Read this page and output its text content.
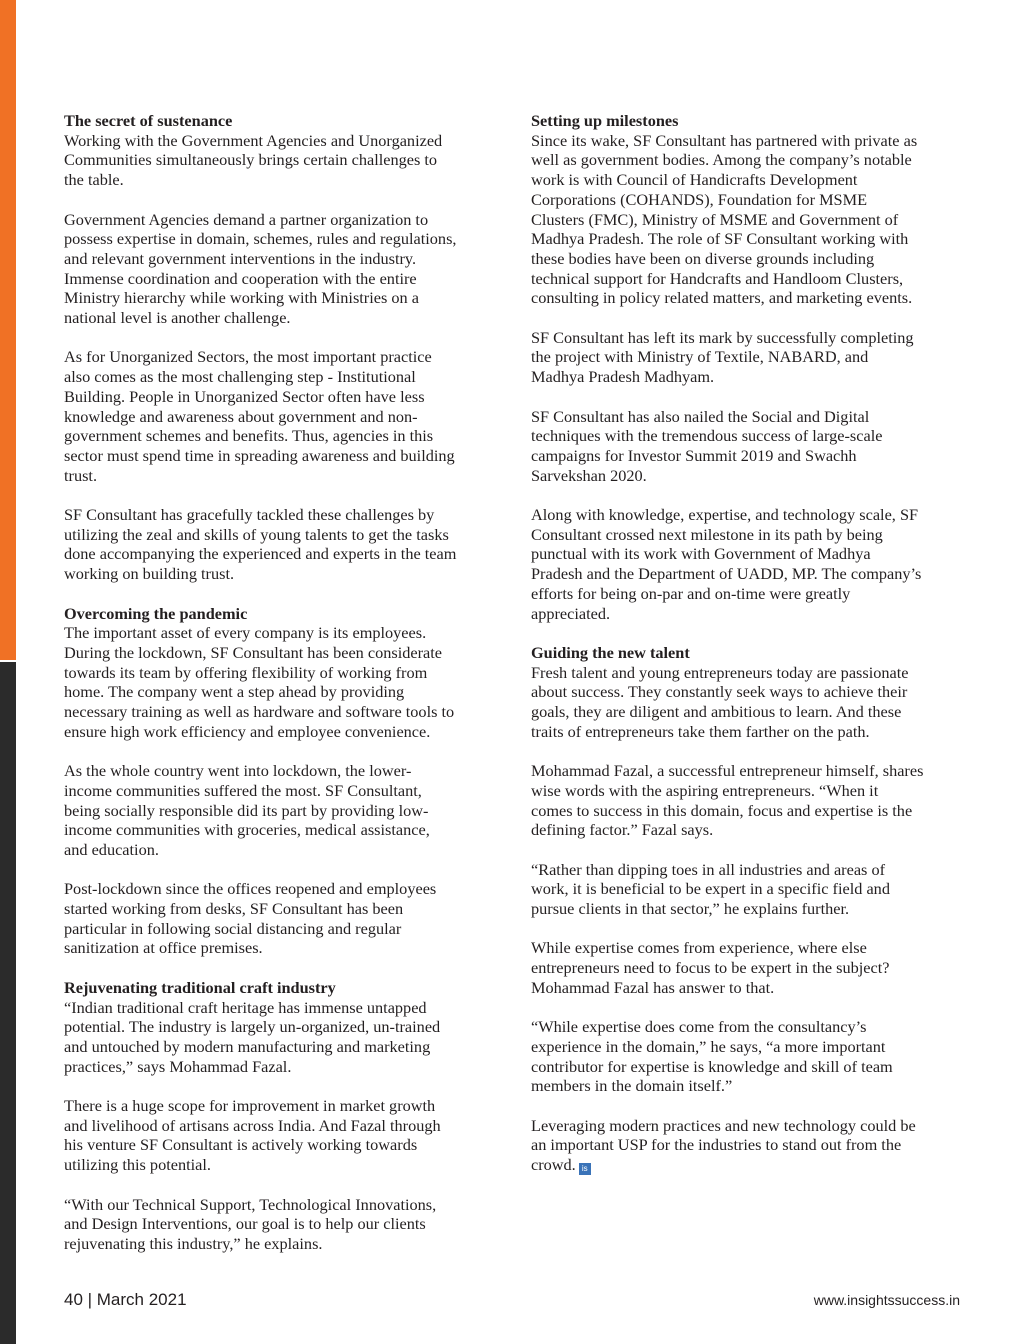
The secret of sustenance
Working with the Government Agencies and Unorganized
Communities simultaneously brings certain challenges to
the table.
Government Agencies demand a partner organization to
possess expertise in domain, schemes, rules and regulations,
and relevant government interventions in the industry.
Immense coordination and cooperation with the entire
Ministry hierarchy while working with Ministries on a
national level is another challenge.
As for Unorganized Sectors, the most important practice
also comes as the most challenging step - Institutional
Building. People in Unorganized Sector often have less
knowledge and awareness about government and non-
government schemes and benefits. Thus, agencies in this
sector must spend time in spreading awareness and building
trust.
SF Consultant has gracefully tackled these challenges by
utilizing the zeal and skills of young talents to get the tasks
done accompanying the experienced and experts in the team
working on building trust.
Overcoming the pandemic
The important asset of every company is its employees.
During the lockdown, SF Consultant has been considerate
towards its team by offering flexibility of working from
home. The company went a step ahead by providing
necessary training as well as hardware and software tools to
ensure high work efficiency and employee convenience.
As the whole country went into lockdown, the lower-
income communities suffered the most. SF Consultant,
being socially responsible did its part by providing low-
income communities with groceries, medical assistance,
and education.
Post-lockdown since the offices reopened and employees
started working from desks, SF Consultant has been
particular in following social distancing and regular
sanitization at office premises.
Rejuvenating traditional craft industry
“Indian traditional craft heritage has immense untapped
potential. The industry is largely un-organized, un-trained
and untouched by modern manufacturing and marketing
practices,” says Mohammad Fazal.
There is a huge scope for improvement in market growth
and livelihood of artisans across India. And Fazal through
his venture SF Consultant is actively working towards
utilizing this potential.
“With our Technical Support, Technological Innovations,
and Design Interventions, our goal is to help our clients
rejuvenating this industry,” he explains.
Setting up milestones
Since its wake, SF Consultant has partnered with private as
well as government bodies. Among the company’s notable
work is with Council of Handicrafts Development
Corporations (COHANDS), Foundation for MSME
Clusters (FMC), Ministry of MSME and Government of
Madhya Pradesh. The role of SF Consultant working with
these bodies have been on diverse grounds including
technical support for Handcrafts and Handloom Clusters,
consulting in policy related matters, and marketing events.
SF Consultant has left its mark by successfully completing
the project with Ministry of Textile, NABARD, and
Madhya Pradesh Madhyam.
SF Consultant has also nailed the Social and Digital
techniques with the tremendous success of large-scale
campaigns for Investor Summit 2019 and Swachh
Sarvekshan 2020.
Along with knowledge, expertise, and technology scale, SF
Consultant crossed next milestone in its path by being
punctual with its work with Government of Madhya
Pradesh and the Department of UADD, MP. The company’s
efforts for being on-par and on-time were greatly
appreciated.
Guiding the new talent
Fresh talent and young entrepreneurs today are passionate
about success. They constantly seek ways to achieve their
goals, they are diligent and ambitious to learn. And these
traits of entrepreneurs take them farther on the path.
Mohammad Fazal, a successful entrepreneur himself, shares
wise words with the aspiring entrepreneurs. “When it
comes to success in this domain, focus and expertise is the
defining factor.” Fazal says.
“Rather than dipping toes in all industries and areas of
work, it is beneficial to be expert in a specific field and
pursue clients in that sector,” he explains further.
While expertise comes from experience, where else
entrepreneurs need to focus to be expert in the subject?
Mohammad Fazal has answer to that.
“While expertise does come from the consultancy’s
experience in the domain,” he says, “a more important
contributor for expertise is knowledge and skill of team
members in the domain itself.”
Leveraging modern practices and new technology could be
an important USP for the industries to stand out from the
crowd. is
40 | March 2021	www.insightssuccess.in
